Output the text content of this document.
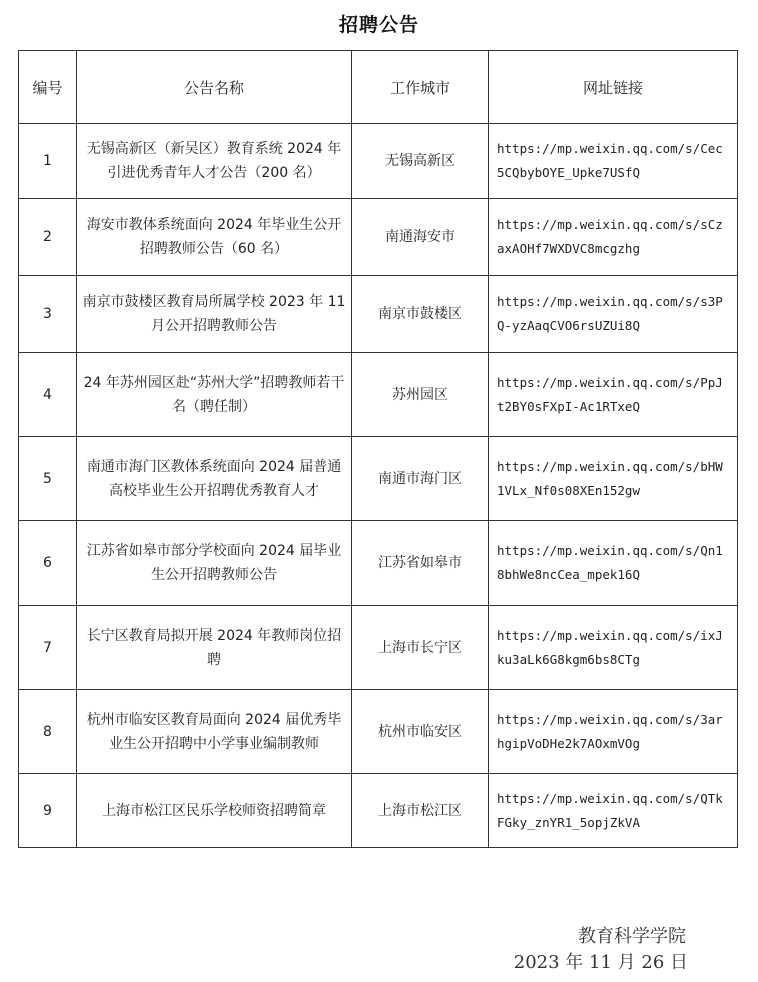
招聘公告
编号	公告名称	工作城市	网址链接
1	无锡高新区（新吴区）教育系统 2024 年引进优秀青年人才公告（200 名）	无锡高新区	https://mp.weixin.qq.com/s/Cec5CQbybOYE_Upke7USfQ
2	海安市教体系统面向 2024 年毕业生公开招聘教师公告（60 名）	南通海安市	https://mp.weixin.qq.com/s/sCzaxAOHf7WXDVC8mcgzhg
3	南京市鼓楼区教育局所属学校 2023 年 11 月公开招聘教师公告	南京市鼓楼区	https://mp.weixin.qq.com/s/s3PQ-yzAaqCVO6rsUZUi8Q
4	24 年苏州园区赴“苏州大学”招聘教师若干名（聘任制）	苏州园区	https://mp.weixin.qq.com/s/PpJt2BY0sFXpI-Ac1RTxeQ
5	南通市海门区教体系统面向 2024 届普通高校毕业生公开招聘优秀教育人才	南通市海门区	https://mp.weixin.qq.com/s/bHW1VLx_Nf0s08XEn152gw
6	江苏省如皋市部分学校面向 2024 届毕业生公开招聘教师公告	江苏省如皋市	https://mp.weixin.qq.com/s/Qn18bhWe8ncCea_mpek16Q
7	长宁区教育局拟开展 2024 年教师岗位招聘	上海市长宁区	https://mp.weixin.qq.com/s/ixJku3aLk6G8kgm6bs8CTg
8	杭州市临安区教育局面向 2024 届优秀毕业生公开招聘中小学事业编制教师	杭州市临安区	https://mp.weixin.qq.com/s/3arhgipVoDHe2k7AOxmVOg
9	上海市松江区民乐学校师资招聘简章	上海市松江区	https://mp.weixin.qq.com/s/QTkFGky_znYR1_5opjZkVA
教育科学学院
2023 年 11 月 26 日
